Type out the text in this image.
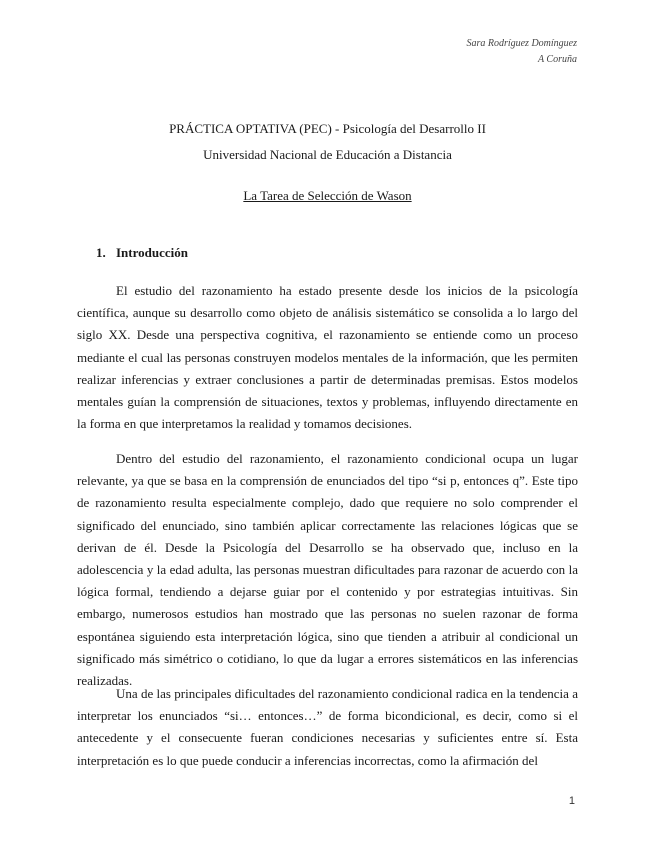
Sara Rodríguez Domínguez
A Coruña
PRÁCTICA OPTATIVA (PEC) - Psicología del Desarrollo II
Universidad Nacional de Educación a Distancia
La Tarea de Selección de Wason
1. Introducción

El estudio del razonamiento ha estado presente desde los inicios de la psicología científica, aunque su desarrollo como objeto de análisis sistemático se consolida a lo largo del siglo XX. Desde una perspectiva cognitiva, el razonamiento se entiende como un proceso mediante el cual las personas construyen modelos mentales de la información, que les permiten realizar inferencias y extraer conclusiones a partir de determinadas premisas. Estos modelos mentales guían la comprensión de situaciones, textos y problemas, influyendo directamente en la forma en que interpretamos la realidad y tomamos decisiones.

Dentro del estudio del razonamiento, el razonamiento condicional ocupa un lugar relevante, ya que se basa en la comprensión de enunciados del tipo “si p, entonces q”. Este tipo de razonamiento resulta especialmente complejo, dado que requiere no solo comprender el significado del enunciado, sino también aplicar correctamente las relaciones lógicas que se derivan de él. Desde la Psicología del Desarrollo se ha observado que, incluso en la adolescencia y la edad adulta, las personas muestran dificultades para razonar de acuerdo con la lógica formal, tendiendo a dejarse guiar por el contenido y por estrategias intuitivas. Sin embargo, numerosos estudios han mostrado que las personas no suelen razonar de forma espontánea siguiendo esta interpretación lógica, sino que tienden a atribuir al condicional un significado más simétrico o cotidiano, lo que da lugar a errores sistemáticos en las inferencias realizadas.

Una de las principales dificultades del razonamiento condicional radica en la tendencia a interpretar los enunciados “si… entonces…” de forma bicondicional, es decir, como si el antecedente y el consecuente fueran condiciones necesarias y suficientes entre sí. Esta interpretación es lo que puede conducir a inferencias incorrectas, como la afirmación del

1
